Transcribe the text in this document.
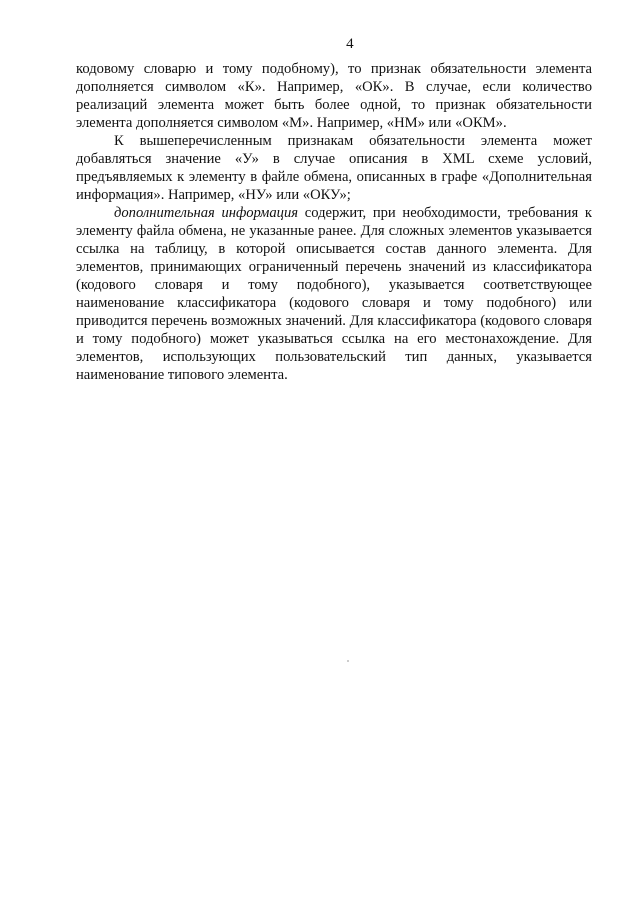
4

кодовому словарю и тому подобному), то признак обязательности элемента дополняется символом «К». Например, «ОК». В случае, если количество реализаций элемента может быть более одной, то признак обязательности элемента дополняется символом «М». Например, «НМ» или «ОКМ».

К вышеперечисленным признакам обязательности элемента может добавляться значение «У» в случае описания в XML схеме условий, предъявляемых к элементу в файле обмена, описанных в графе «Дополнительная информация». Например, «НУ» или «ОКУ»;

дополнительная информация содержит, при необходимости, требования к элементу файла обмена, не указанные ранее. Для сложных элементов указывается ссылка на таблицу, в которой описывается состав данного элемента. Для элементов, принимающих ограниченный перечень значений из классификатора (кодового словаря и тому подобного), указывается соответствующее наименование классификатора (кодового словаря и тому подобного) или приводится перечень возможных значений. Для классификатора (кодового словаря и тому подобного) может указываться ссылка на его местонахождение. Для элементов, использующих пользовательский тип данных, указывается наименование типового элемента.
